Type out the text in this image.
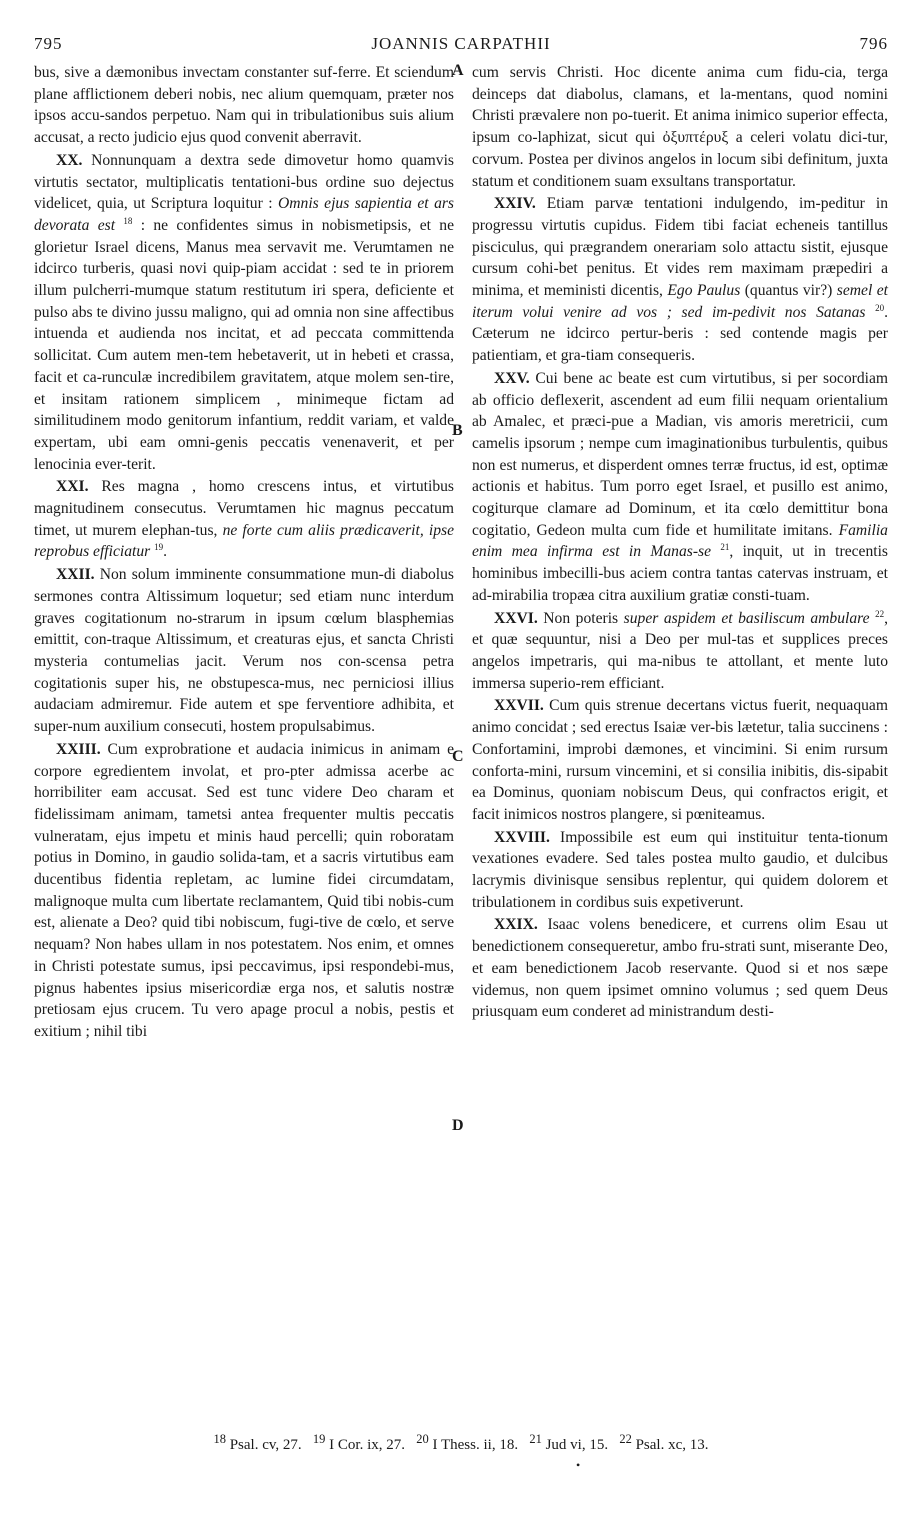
795	JOANNIS CARPATHII	796

bus, sive a dæmonibus invectam constanter suf-ferre. Et sciendum plane afflictionem deberi nobis, nec alium quemquam, præter nos ipsos accu-sandos perpetuo. Nam qui in tribulationibus suis alium accusat, a recto judicio ejus quod convenit aberravit.

XX. Nonnunquam a dextra sede dimovetur homo quamvis virtutis sectator, multiplicatis tentationi-bus ordine suo dejectus videlicet, quia, ut Scriptura loquitur : Omnis ejus sapientia et ars devorata est $^{18}$ : ne confidentes simus in nobismetipsis, et ne glorietur Israel dicens, Manus mea servavit me. Verumtamen ne idcirco turberis, quasi novi quip-piam accidat : sed te in priorem illum pulcherri-mumque statum restitutum iri spera, deficiente et pulso abs te divino jussu maligno, qui ad omnia non sine affectibus intuenda et audienda nos incitat, et ad peccata committenda sollicitat. Cum autem men-tem hebetaverit, ut in hebeti et crassa, facit et ca-runculæ incredibilem gravitatem, atque molem sen-tire, et insitam rationem simplicem , minimeque fictam ad similitudinem modo genitorum infantium, reddit variam, et valde expertam, ubi eam omni-genis peccatis venenaverit, et per lenocinia ever-terit.

XXI. Res magna , homo crescens intus, et virtutibus magnitudinem consecutus. Verumtamen hic magnus peccatum timet, ut murem elephan-tus, ne forte cum aliis prædicaverit, ipse reprobus efficiatur $^{19}$.

XXII. Non solum imminente consummatione mun-di diabolus sermones contra Altissimum loquetur; sed etiam nunc interdum graves cogitationum no-strarum in ipsum cœlum blasphemias emittit, con-traque Altissimum, et creaturas ejus, et sancta Christi mysteria contumelias jacit. Verum nos con-scensa petra cogitationis super his, ne obstupesca-mus, nec perniciosi illius audaciam admiremur. Fide autem et spe ferventiore adhibita, et super-num auxilium consecuti, hostem propulsabimus.

XXIII. Cum exprobratione et audacia inimicus in animam e corpore egredientem involat, et pro-pter admissa acerbe ac horribiliter eam accusat. Sed est tunc videre Deo charam et fidelissimam animam, tametsi antea frequenter multis peccatis vulneratam, ejus impetu et minis haud percelli; quin roboratam potius in Domino, in gaudio solida-tam, et a sacris virtutibus eam ducentibus fidentia repletam, ac lumine fidei circumdatam, malignoque multa cum libertate reclamantem, Quid tibi nobis-cum est, alienate a Deo? quid tibi nobiscum, fugi-tive de cœlo, et serve nequam? Non habes ullam in nos potestatem. Nos enim, et omnes in Christi potestate sumus, ipsi peccavimus, ipsi respondebi-mus, pignus habentes ipsius misericordiæ erga nos, et salutis nostræ pretiosam ejus crucem. Tu vero apage procul a nobis, pestis et exitium ; nihil tibi

A
B
C
D

cum servis Christi. Hoc dicente anima cum fidu-cia, terga deinceps dat diabolus, clamans, et la-mentans, quod nomini Christi prævalere non po-tuerit. Et anima inimico superior effecta, ipsum co-laphizat, sicut qui ὀξυπτέρυξ a celeri volatu dici-tur, corvum. Postea per divinos angelos in locum sibi definitum, juxta statum et conditionem suam exsultans transportatur.

XXIV. Etiam parvæ tentationi indulgendo, im-peditur in progressu virtutis cupidus. Fidem tibi faciat echeneis tantillus pisciculus, qui prægrandem onerariam solo attactu sistit, ejusque cursum cohi-bet penitus. Et vides rem maximam præpediri a minima, et meministi dicentis, Ego Paulus (quantus vir?) semel et iterum volui venire ad vos ; sed im-pedivit nos Satanas $^{20}$. Cæterum ne idcirco pertur-beris : sed contende magis per patientiam, et gra-tiam consequeris.

XXV. Cui bene ac beate est cum virtutibus, si per socordiam ab officio deflexerit, ascendent ad eum filii nequam orientalium ab Amalec, et præci-pue a Madian, vis amoris meretricii, cum camelis ipsorum ; nempe cum imaginationibus turbulentis, quibus non est numerus, et disperdent omnes terræ fructus, id est, optimæ actionis et habitus. Tum porro eget Israel, et pusillo est animo, cogiturque clamare ad Dominum, et ita cœlo demittitur bona cogitatio, Gedeon multa cum fide et humilitate imitans. Familia enim mea infirma est in Manas-se $^{21}$, inquit, ut in trecentis hominibus imbecilli-bus aciem contra tantas catervas instruam, et ad-mirabilia tropæa citra auxilium gratiæ consti-tuam.

XXVI. Non poteris super aspidem et basiliscum ambulare $^{22}$, et quæ sequuntur, nisi a Deo per mul-tas et supplices preces angelos impetraris, qui ma-nibus te attollant, et mente luto immersa superio-rem efficiant.

XXVII. Cum quis strenue decertans victus fuerit, nequaquam animo concidat ; sed erectus Isaiæ ver-bis lætetur, talia succinens : Confortamini, improbi dæmones, et vincimini. Si enim rursum conforta-mini, rursum vincemini, et si consilia inibitis, dis-sipabit ea Dominus, quoniam nobiscum Deus, qui confractos erigit, et facit inimicos nostros plangere, si pœniteamus.

XXVIII. Impossibile est eum qui instituitur tenta-tionum vexationes evadere. Sed tales postea multo gaudio, et dulcibus lacrymis divinisque sensibus replentur, qui quidem dolorem et tribulationem in cordibus suis expetiverunt.

XXIX. Isaac volens benedicere, et currens olim Esau ut benedictionem consequeretur, ambo fru-strati sunt, miserante Deo, et eam benedictionem Jacob reservante. Quod si et nos sæpe videmus, non quem ipsimet omnino volumus ; sed quem Deus priusquam eum conderet ad ministrandum desti-

$^{18}$ Psal. cv, 27. $^{19}$ I Cor. ix, 27. $^{20}$ I Thess. ii, 18. $^{21}$ Jud vi, 15. $^{22}$ Psal. xc, 13.
•
